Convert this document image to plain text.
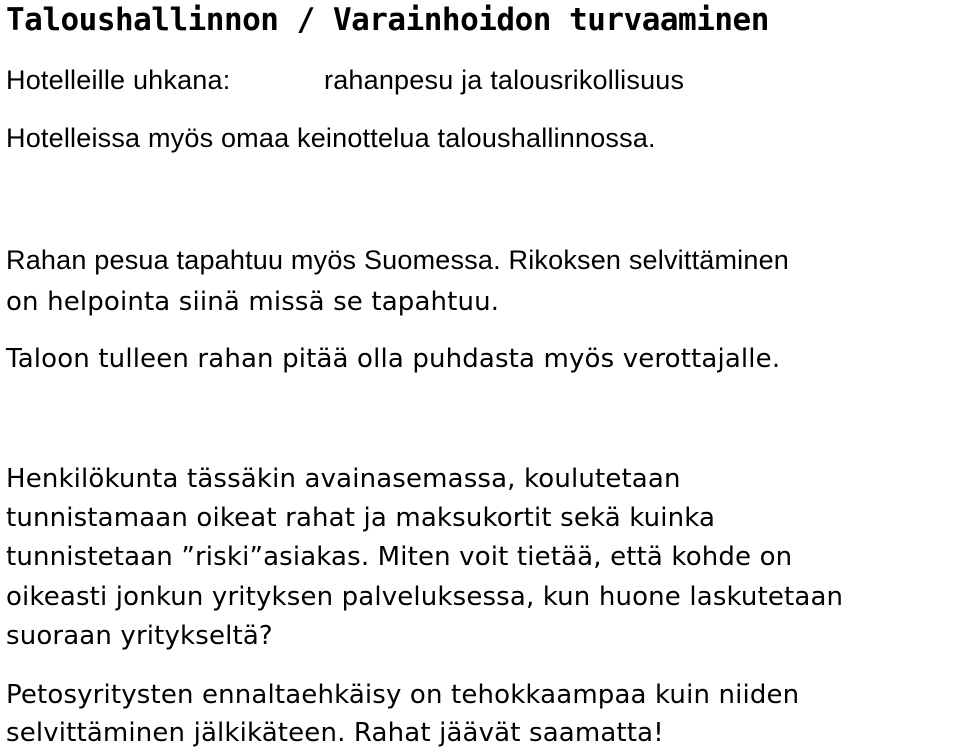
Taloushallinnon / Varainhoidon turvaaminen
Hotelleille uhkana:	rahanpesu ja talousrikollisuus
Hotelleissa myös omaa keinottelua taloushallinnossa.
Rahan pesua tapahtuu myös Suomessa. Rikoksen selvittäminen
on helpointa siinä missä se tapahtuu.
Taloon tulleen rahan pitää olla puhdasta myös verottajalle.
Henkilökunta tässäkin avainasemassa, koulutetaan
tunnistamaan oikeat rahat ja maksukortit sekä kuinka
tunnistetaan ”riski”asiakas. Miten voit tietää, että kohde on
oikeasti jonkun yrityksen palveluksessa, kun huone laskutetaan
suoraan yritykseltä?
Petosyritysten ennaltaehkäisy on tehokkaampaa kuin niiden
selvittäminen jälkikäteen. Rahat jäävät saamatta!
